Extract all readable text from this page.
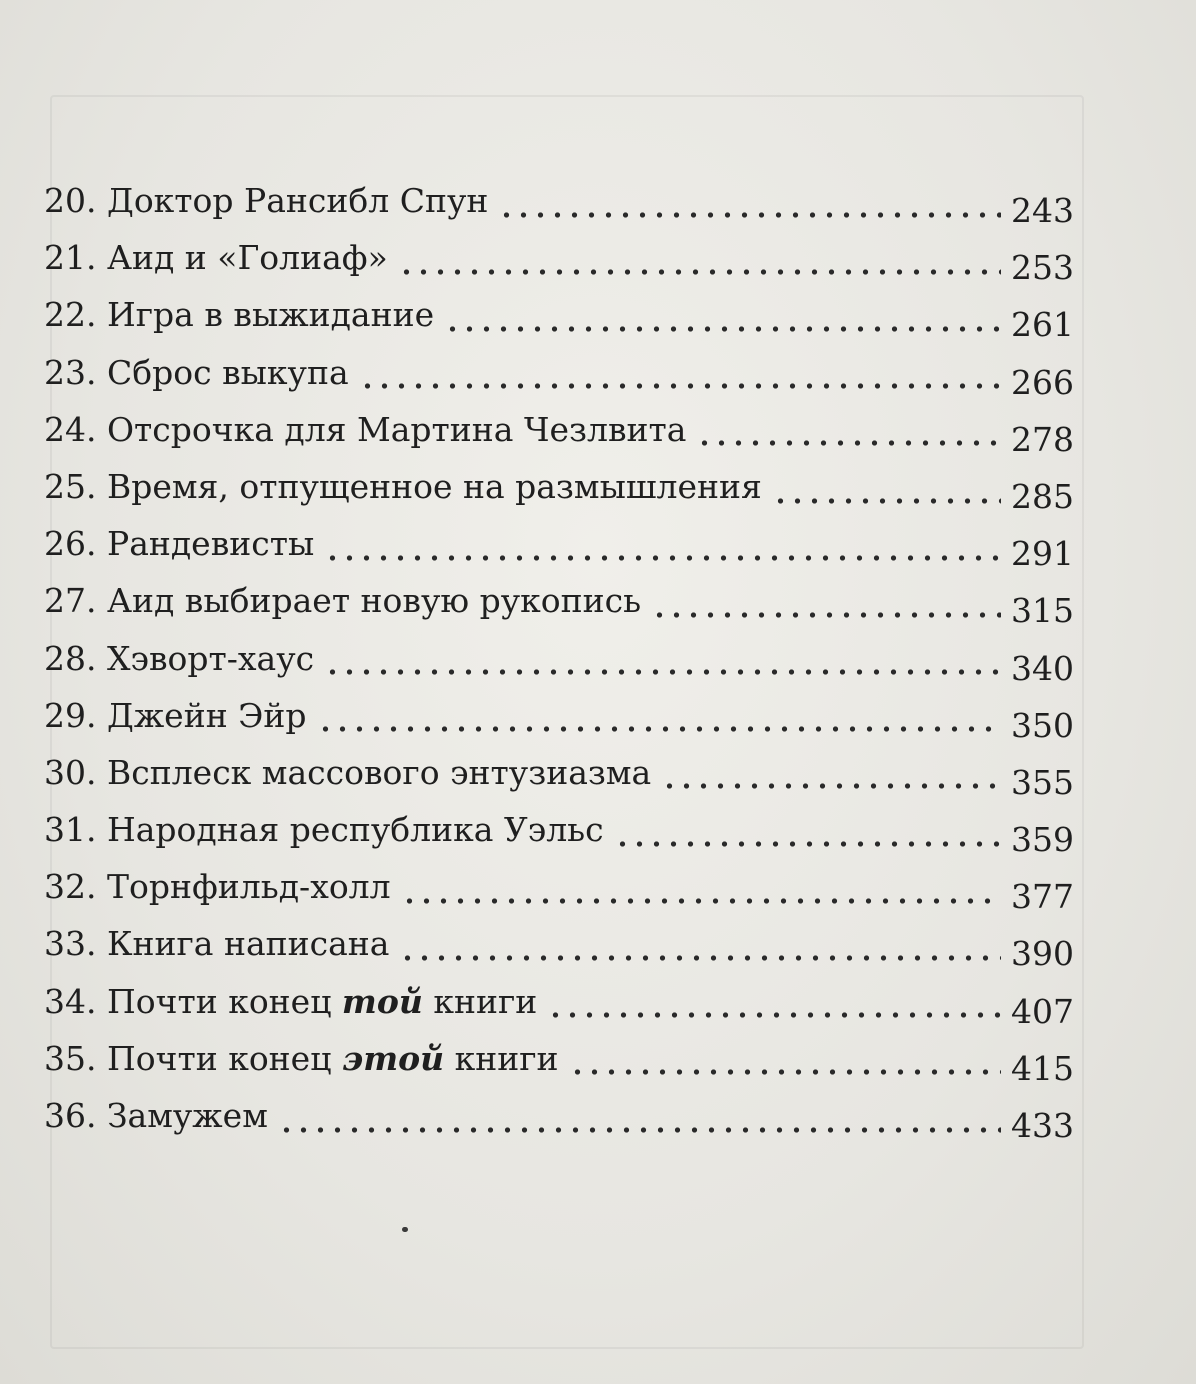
20. Доктор Рансибл Спун	243
21. Аид и «Голиаф»	253
22. Игра в выжидание	261
23. Сброс выкупа	266
24. Отсрочка для Мартина Чезлвита	278
25. Время, отпущенное на размышления	285
26. Рандевисты	291
27. Аид выбирает новую рукопись	315
28. Хэворт-хаус	340
29. Джейн Эйр	350
30. Всплеск массового энтузиазма	355
31. Народная республика Уэльс	359
32. Торнфильд-холл	377
33. Книга написана	390
34. Почти конец той книги	407
35. Почти конец этой книги	415
36. Замужем	433
